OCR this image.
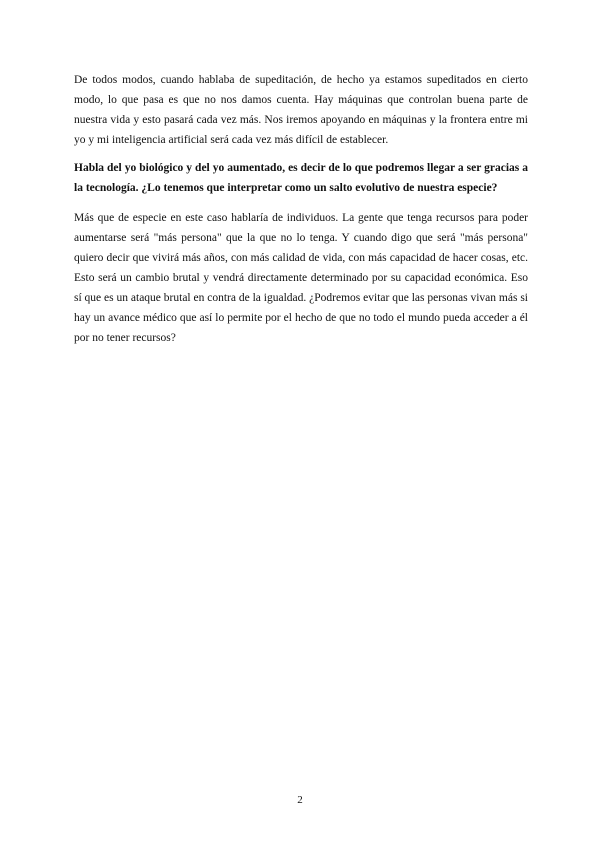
De todos modos, cuando hablaba de supeditación, de hecho ya estamos supeditados en cierto modo, lo que pasa es que no nos damos cuenta. Hay máquinas que controlan buena parte de nuestra vida y esto pasará cada vez más. Nos iremos apoyando en máquinas y la frontera entre mi yo y mi inteligencia artificial será cada vez más difícil de establecer.

Habla del yo biológico y del yo aumentado, es decir de lo que podremos llegar a ser gracias a la tecnología. ¿Lo tenemos que interpretar como un salto evolutivo de nuestra especie?

Más que de especie en este caso hablaría de individuos. La gente que tenga recursos para poder aumentarse será "más persona" que la que no lo tenga. Y cuando digo que será "más persona" quiero decir que vivirá más años, con más calidad de vida, con más capacidad de hacer cosas, etc. Esto será un cambio brutal y vendrá directamente determinado por su capacidad económica. Eso sí que es un ataque brutal en contra de la igualdad. ¿Podremos evitar que las personas vivan más si hay un avance médico que así lo permite por el hecho de que no todo el mundo pueda acceder a él por no tener recursos?

2
